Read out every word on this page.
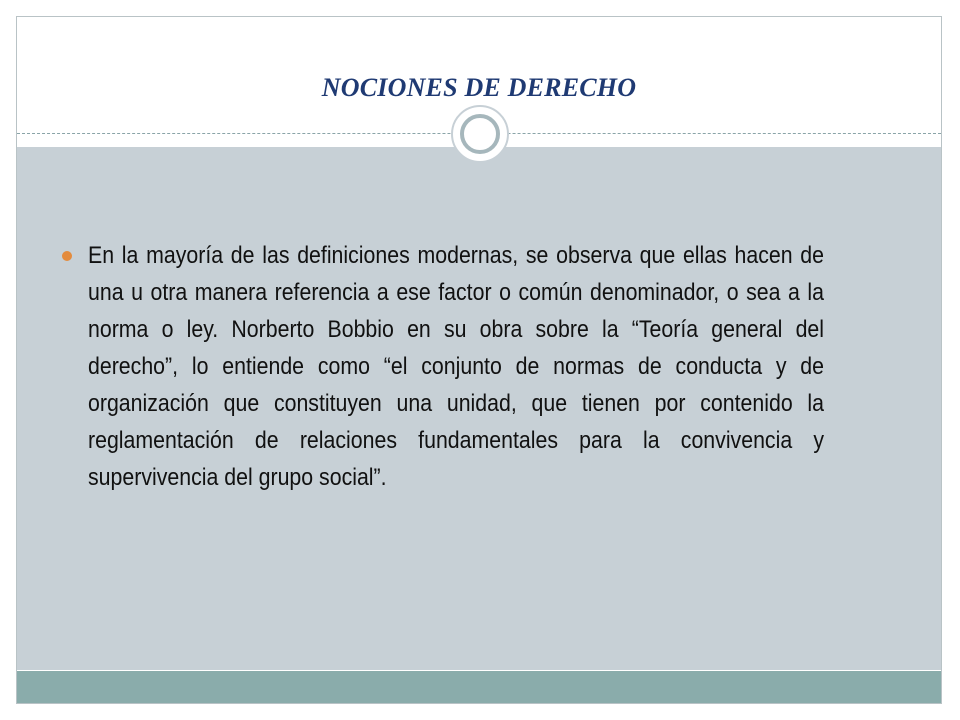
NOCIONES DE DERECHO

En la mayoría de las definiciones modernas, se observa que ellas hacen de una u otra manera referencia a ese factor o común denominador, o sea a la norma o ley. Norberto Bobbio en su obra sobre la “Teoría general del derecho”, lo entiende como “el conjunto de normas de conducta y de organización que constituyen una unidad, que tienen por contenido la reglamentación de relaciones fundamentales para la convivencia y supervivencia del grupo social”.
